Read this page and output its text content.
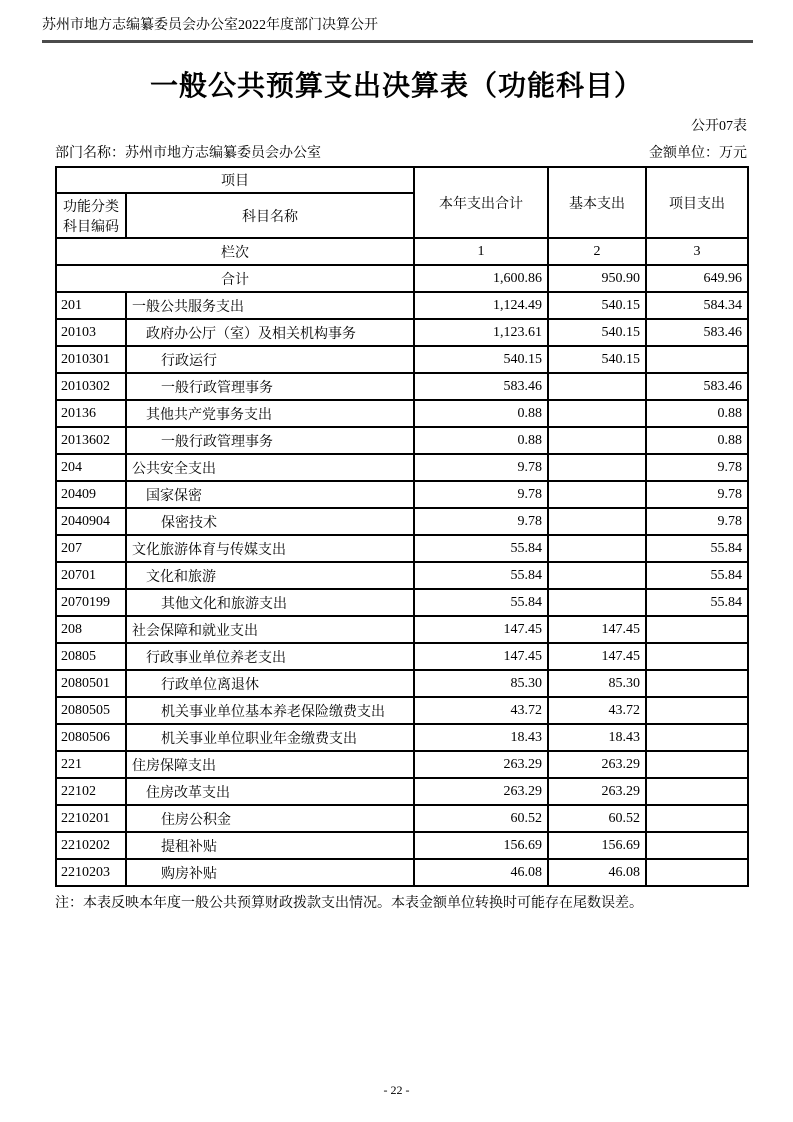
苏州市地方志编纂委员会办公室2022年度部门决算公开
一般公共预算支出决算表（功能科目）
公开07表
部门名称：苏州市地方志编纂委员会办公室	金额单位：万元
项目		本年支出合计	基本支出	项目支出
功能分类
科目编码	科目名称			
栏次		1	2	3
合计		1,600.86	950.90	649.96
201	一般公共服务支出	1,124.49	540.15	584.34
20103	政府办公厅（室）及相关机构事务	1,123.61	540.15	583.46
2010301	行政运行	540.15	540.15	
2010302	一般行政管理事务	583.46		583.46
20136	其他共产党事务支出	0.88		0.88
2013602	一般行政管理事务	0.88		0.88
204	公共安全支出	9.78		9.78
20409	国家保密	9.78		9.78
2040904	保密技术	9.78		9.78
207	文化旅游体育与传媒支出	55.84		55.84
20701	文化和旅游	55.84		55.84
2070199	其他文化和旅游支出	55.84		55.84
208	社会保障和就业支出	147.45	147.45	
20805	行政事业单位养老支出	147.45	147.45	
2080501	行政单位离退休	85.30	85.30	
2080505	机关事业单位基本养老保险缴费支出	43.72	43.72	
2080506	机关事业单位职业年金缴费支出	18.43	18.43	
221	住房保障支出	263.29	263.29	
22102	住房改革支出	263.29	263.29	
2210201	住房公积金	60.52	60.52	
2210202	提租补贴	156.69	156.69	
2210203	购房补贴	46.08	46.08	
注：本表反映本年度一般公共预算财政拨款支出情况。本表金额单位转换时可能存在尾数误差。
- 22 -
